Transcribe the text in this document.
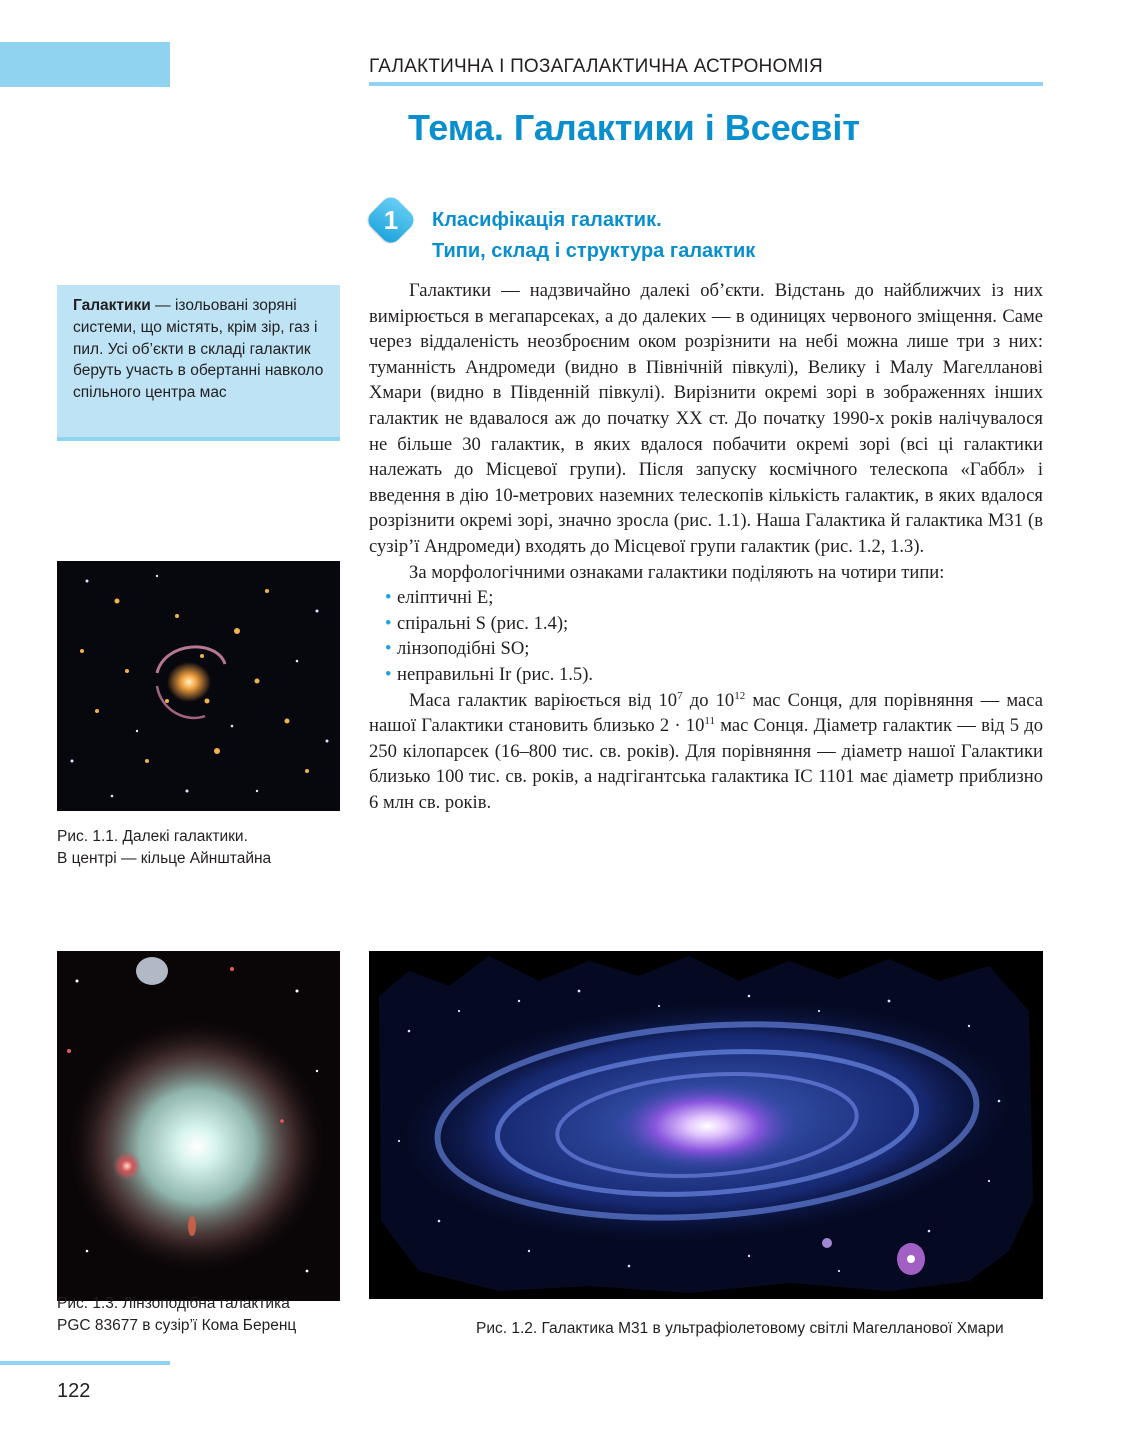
ГАЛАКТИЧНА І ПОЗАГАЛАКТИЧНА АСТРОНОМІЯ
Тема. Галактики і Всесвіт
1	Класифікація галактик.
Типи, склад і структура галактик
Галактики — ізольовані зоряні системи, що містять, крім зір, газ і пил. Усі об’єкти в складі галактик беруть участь в обертанні навколо спільного центра мас

Галактики — надзвичайно далекі об’єкти. Відстань до найближчих із них вимірюється в мегапарсеках, а до далеких — в одиницях червоного зміщення. Саме через віддаленість неозброєним оком розрізнити на небі можна лише три з них: туманність Андромеди (видно в Північній півкулі), Велику і Малу Магелланові Хмари (видно в Південній півкулі). Вирізнити окремі зорі в зображеннях інших галактик не вдавалося аж до початку XX ст. До початку 1990-х років налічувалося не більше 30 галактик, в яких вдалося побачити окремі зорі (всі ці галактики належать до Місцевої групи). Після запуску космічного телескопа «Габбл» і введення в дію 10-метрових наземних телескопів кількість галактик, в яких вдалося розрізнити окремі зорі, значно зросла (рис. 1.1). Наша Галактика й галактика М31 (в сузір’ї Андромеди) входять до Місцевої групи галактик (рис. 1.2, 1.3).

За морфологічними ознаками галактики поділяють на чотири типи:

• еліптичні E;
• спіральні S (рис. 1.4);
• лінзоподібні SO;
• неправильні Ir (рис. 1.5).

Маса галактик варіюється від $10^7$ до $10^{12}$ мас Сонця, для порівняння — маса нашої Галактики становить близько $2 \cdot 10^{11}$ мас Сонця. Діаметр галактик — від 5 до 250 кілопарсек (16–800 тис. св. років). Для порівняння — діаметр нашої Галактики близько 100 тис. св. років, а надгігантська галактика IC 1101 має діаметр приблизно 6 млн св. років.

Рис. 1.1. Далекі галактики.
В центрі — кільце Айнштайна
Рис. 1.3. Лінзоподібна галактика
PGC 83677 в сузір’ї Кома Беренц	Рис. 1.2. Галактика М31 в ультрафіолетовому світлі Магелланової Хмари
122
